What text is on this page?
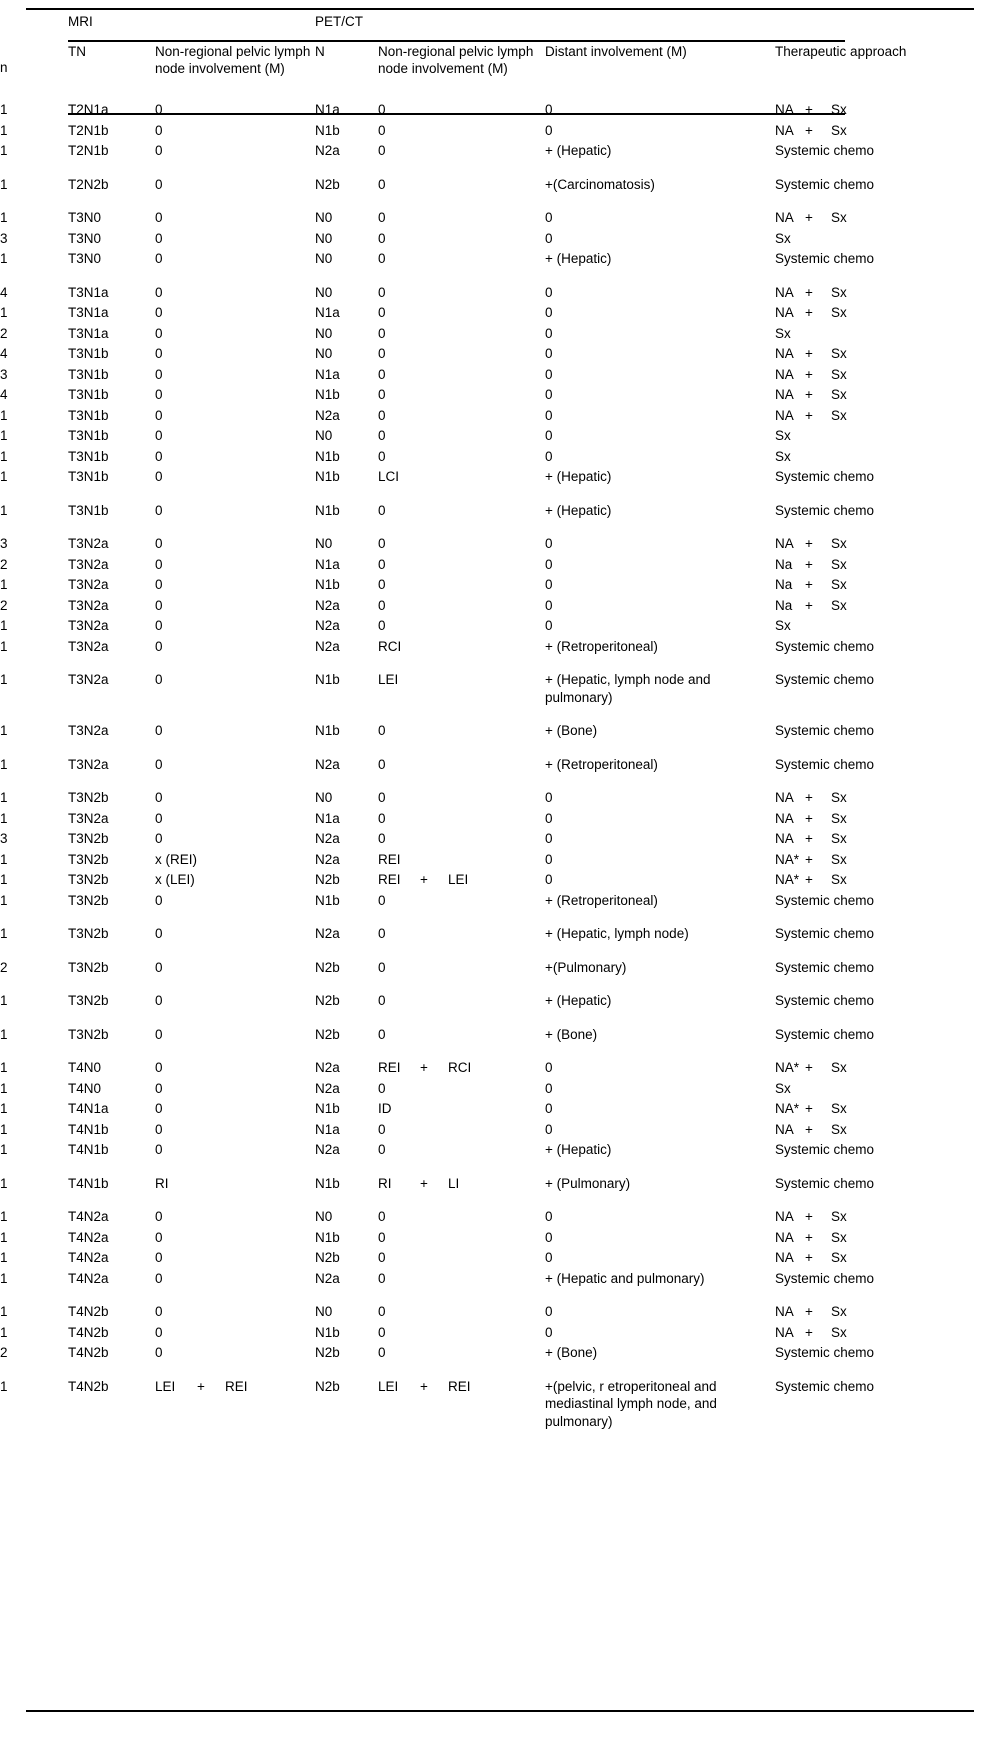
	MRI		PET/CT			
n	TN	Non-regional pelvic lymph node involvement (M)	N	Non-regional pelvic lymph node involvement (M)	Distant involvement (M)	Therapeutic approach

1	T2N1a	0	N1a	0	0	NA + Sx

1	T2N1b	0	N1b	0	0	NA + Sx

1	T2N1b	0	N2a	0	+ (Hepatic)	Systemic chemo

1	T2N2b	0	N2b	0	+(Carcinomatosis)	Systemic chemo

1	T3N0	0	N0	0	0	NA + Sx

3	T3N0	0	N0	0	0	Sx

1	T3N0	0	N0	0	+ (Hepatic)	Systemic chemo

4	T3N1a	0	N0	0	0	NA + Sx

1	T3N1a	0	N1a	0	0	NA + Sx

2	T3N1a	0	N0	0	0	Sx

4	T3N1b	0	N0	0	0	NA + Sx

3	T3N1b	0	N1a	0	0	NA + Sx

4	T3N1b	0	N1b	0	0	NA + Sx

1	T3N1b	0	N2a	0	0	NA + Sx

1	T3N1b	0	N0	0	0	Sx

1	T3N1b	0	N1b	0	0	Sx

1	T3N1b	0	N1b	LCI	+ (Hepatic)	Systemic chemo

1	T3N1b	0	N1b	0	+ (Hepatic)	Systemic chemo

3	T3N2a	0	N0	0	0	NA + Sx

2	T3N2a	0	N1a	0	0	Na + Sx

1	T3N2a	0	N1b	0	0	Na + Sx

2	T3N2a	0	N2a	0	0	Na + Sx

1	T3N2a	0	N2a	0	0	Sx

1	T3N2a	0	N2a	RCI	+ (Retroperitoneal)	Systemic chemo

1	T3N2a	0	N1b	LEI	+ (Hepatic, lymph node and pulmonary)	Systemic chemo

1	T3N2a	0	N1b	0	+ (Bone)	Systemic chemo

1	T3N2a	0	N2a	0	+ (Retroperitoneal)	Systemic chemo

1	T3N2b	0	N0	0	0	NA + Sx

1	T3N2a	0	N1a	0	0	NA + Sx

3	T3N2b	0	N2a	0	0	NA + Sx

1	T3N2b	x (REI)	N2a	REI	0	NA* + Sx

1	T3N2b	x (LEI)	N2b	REI + LEI	0	NA* + Sx

1	T3N2b	0	N1b	0	+ (Retroperitoneal)	Systemic chemo

1	T3N2b	0	N2a	0	+ (Hepatic, lymph node)	Systemic chemo

2	T3N2b	0	N2b	0	+(Pulmonary)	Systemic chemo

1	T3N2b	0	N2b	0	+ (Hepatic)	Systemic chemo

1	T3N2b	0	N2b	0	+ (Bone)	Systemic chemo

1	T4N0	0	N2a	REI + RCI	0	NA* + Sx

1	T4N0	0	N2a	0	0	Sx

1	T4N1a	0	N1b	ID	0	NA* + Sx

1	T4N1b	0	N1a	0	0	NA + Sx

1	T4N1b	0	N2a	0	+ (Hepatic)	Systemic chemo

1	T4N1b	RI	N1b	RI + LI	+ (Pulmonary)	Systemic chemo

1	T4N2a	0	N0	0	0	NA + Sx

1	T4N2a	0	N1b	0	0	NA + Sx

1	T4N2a	0	N2b	0	0	NA + Sx

1	T4N2a	0	N2a	0	+ (Hepatic and pulmonary)	Systemic chemo

1	T4N2b	0	N0	0	0	NA + Sx

1	T4N2b	0	N1b	0	0	NA + Sx

2	T4N2b	0	N2b	0	+ (Bone)	Systemic chemo

1	T4N2b	LEI + REI	N2b	LEI + REI	+(pelvic, r etroperitoneal and mediastinal lymph node, and pulmonary)	Systemic chemo
